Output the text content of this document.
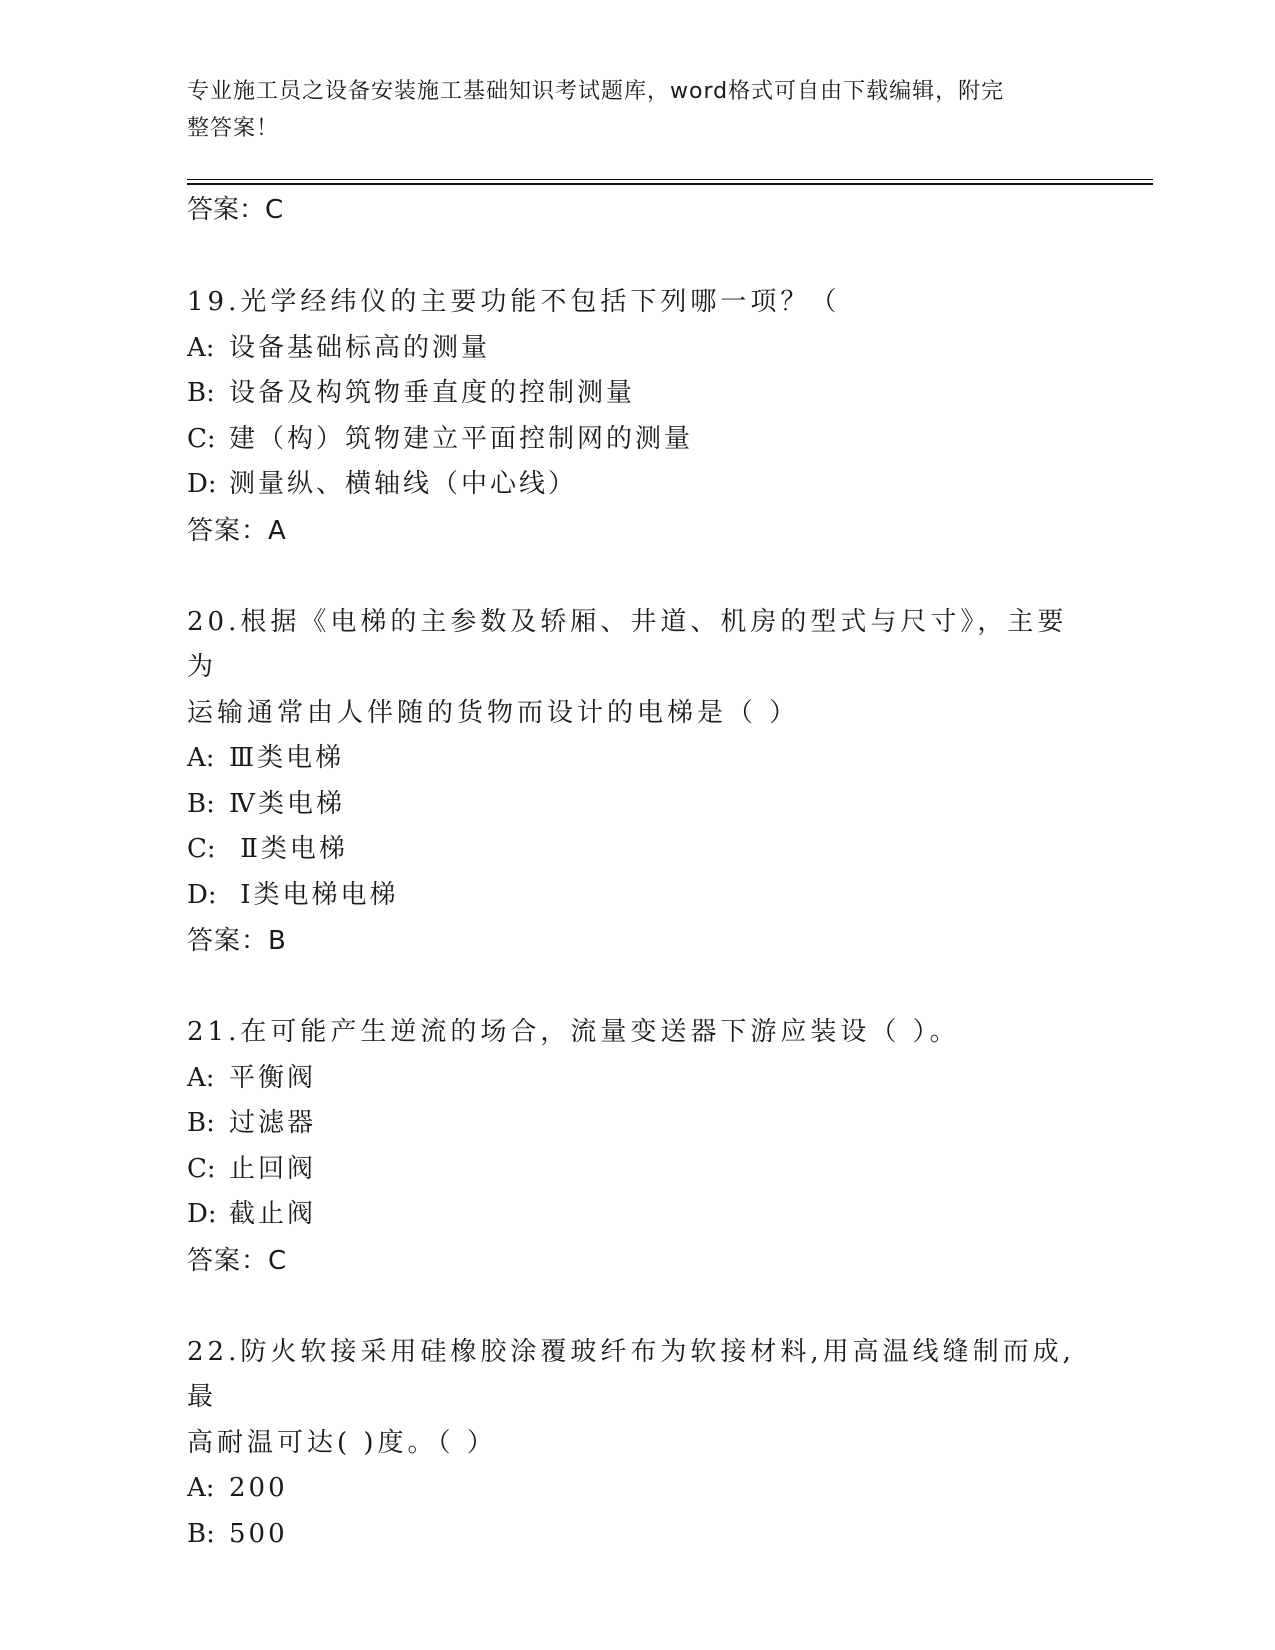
专业施工员之设备安装施工基础知识考试题库，word格式可自由下载编辑，附完
整答案！
答案：C
19.光学经纬仪的主要功能不包括下列哪一项？（
A: 设备基础标高的测量
B: 设备及构筑物垂直度的控制测量
C: 建（构）筑物建立平面控制网的测量
D: 测量纵、横轴线（中心线）
答案：A
20.根据《电梯的主参数及轿厢、井道、机房的型式与尺寸》，主要为
运输通常由人伴随的货物而设计的电梯是（ ）
A: Ⅲ类电梯
B: Ⅳ类电梯
C: Ⅱ类电梯
D: Ⅰ类电梯电梯
答案：B
21.在可能产生逆流的场合，流量变送器下游应装设（ ）。
A: 平衡阀
B: 过滤器
C: 止回阀
D: 截止阀
答案：C
22.防火软接采用硅橡胶涂覆玻纤布为软接材料,用高温线缝制而成,最
高耐温可达( )度。（ ）
A: 200
B: 500
